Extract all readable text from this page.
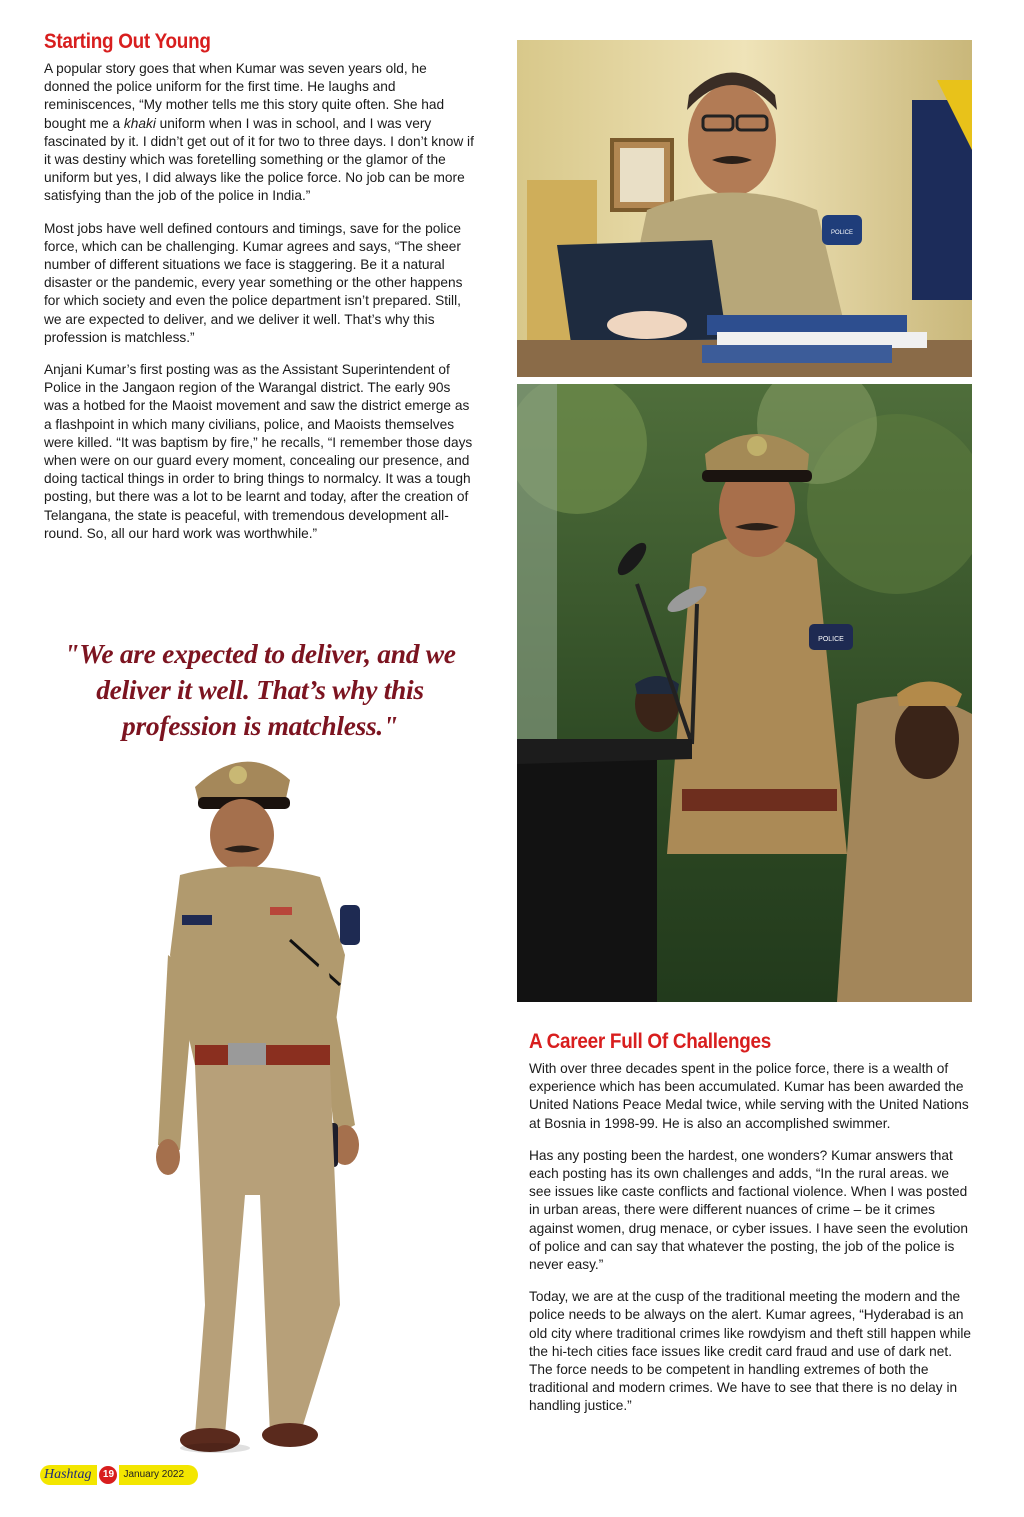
Starting Out Young

A popular story goes that when Kumar was seven years old, he donned the police uniform for the first time. He laughs and reminiscences, “My mother tells me this story quite often. She had bought me a khaki uniform when I was in school, and I was very fascinated by it. I didn’t get out of it for two to three days. I don’t know if it was destiny which was foretelling something or the glamor of the uniform but yes, I did always like the police force. No job can be more satisfying than the job of the police in India.”

Most jobs have well defined contours and timings, save for the police force, which can be challenging. Kumar agrees and says, “The sheer number of different situations we face is staggering. Be it a natural disaster or the pandemic, every year something or the other happens for which society and even the police department isn’t prepared. Still, we are expected to deliver, and we deliver it well. That’s why this profession is matchless.”

Anjani Kumar’s first posting was as the Assistant Superintendent of Police in the Jangaon region of the Warangal district. The early 90s was a hotbed for the Maoist movement and saw the district emerge as a flashpoint in which many civilians, police, and Maoists themselves were killed. “It was baptism by fire,” he recalls, “I remember those days when were on our guard every moment, concealing our presence, and doing tactical things in order to bring things to normalcy. It was a tough posting, but there was a lot to be learnt and today, after the creation of Telangana, the state is peaceful, with tremendous development all-round. So, all our hard work was worthwhile.”

"We are expected to deliver, and we deliver it well. That’s why this profession is matchless."
POLICE
POLICE
A Career Full Of Challenges

With over three decades spent in the police force, there is a wealth of experience which has been accumulated. Kumar has been awarded the United Nations Peace Medal twice, while serving with the United Nations at Bosnia in 1998-99. He is also an accomplished swimmer.

Has any posting been the hardest, one wonders? Kumar answers that each posting has its own challenges and adds, “In the rural areas. we see issues like caste conflicts and factional violence. When I was posted in urban areas, there were different nuances of crime – be it crimes against women, drug menace, or cyber issues. I have seen the evolution of police and can say that whatever the posting, the job of the police is never easy.”

Today, we are at the cusp of the traditional meeting the modern and the police needs to be always on the alert. Kumar agrees, “Hyderabad is an old city where traditional crimes like rowdyism and theft still happen while the hi-tech cities face issues like credit card fraud and use of dark net. The force needs to be competent in handling extremes of both the traditional and modern crimes. We have to see that there is no delay in handling justice.”

Hashtag	19 January 2022
